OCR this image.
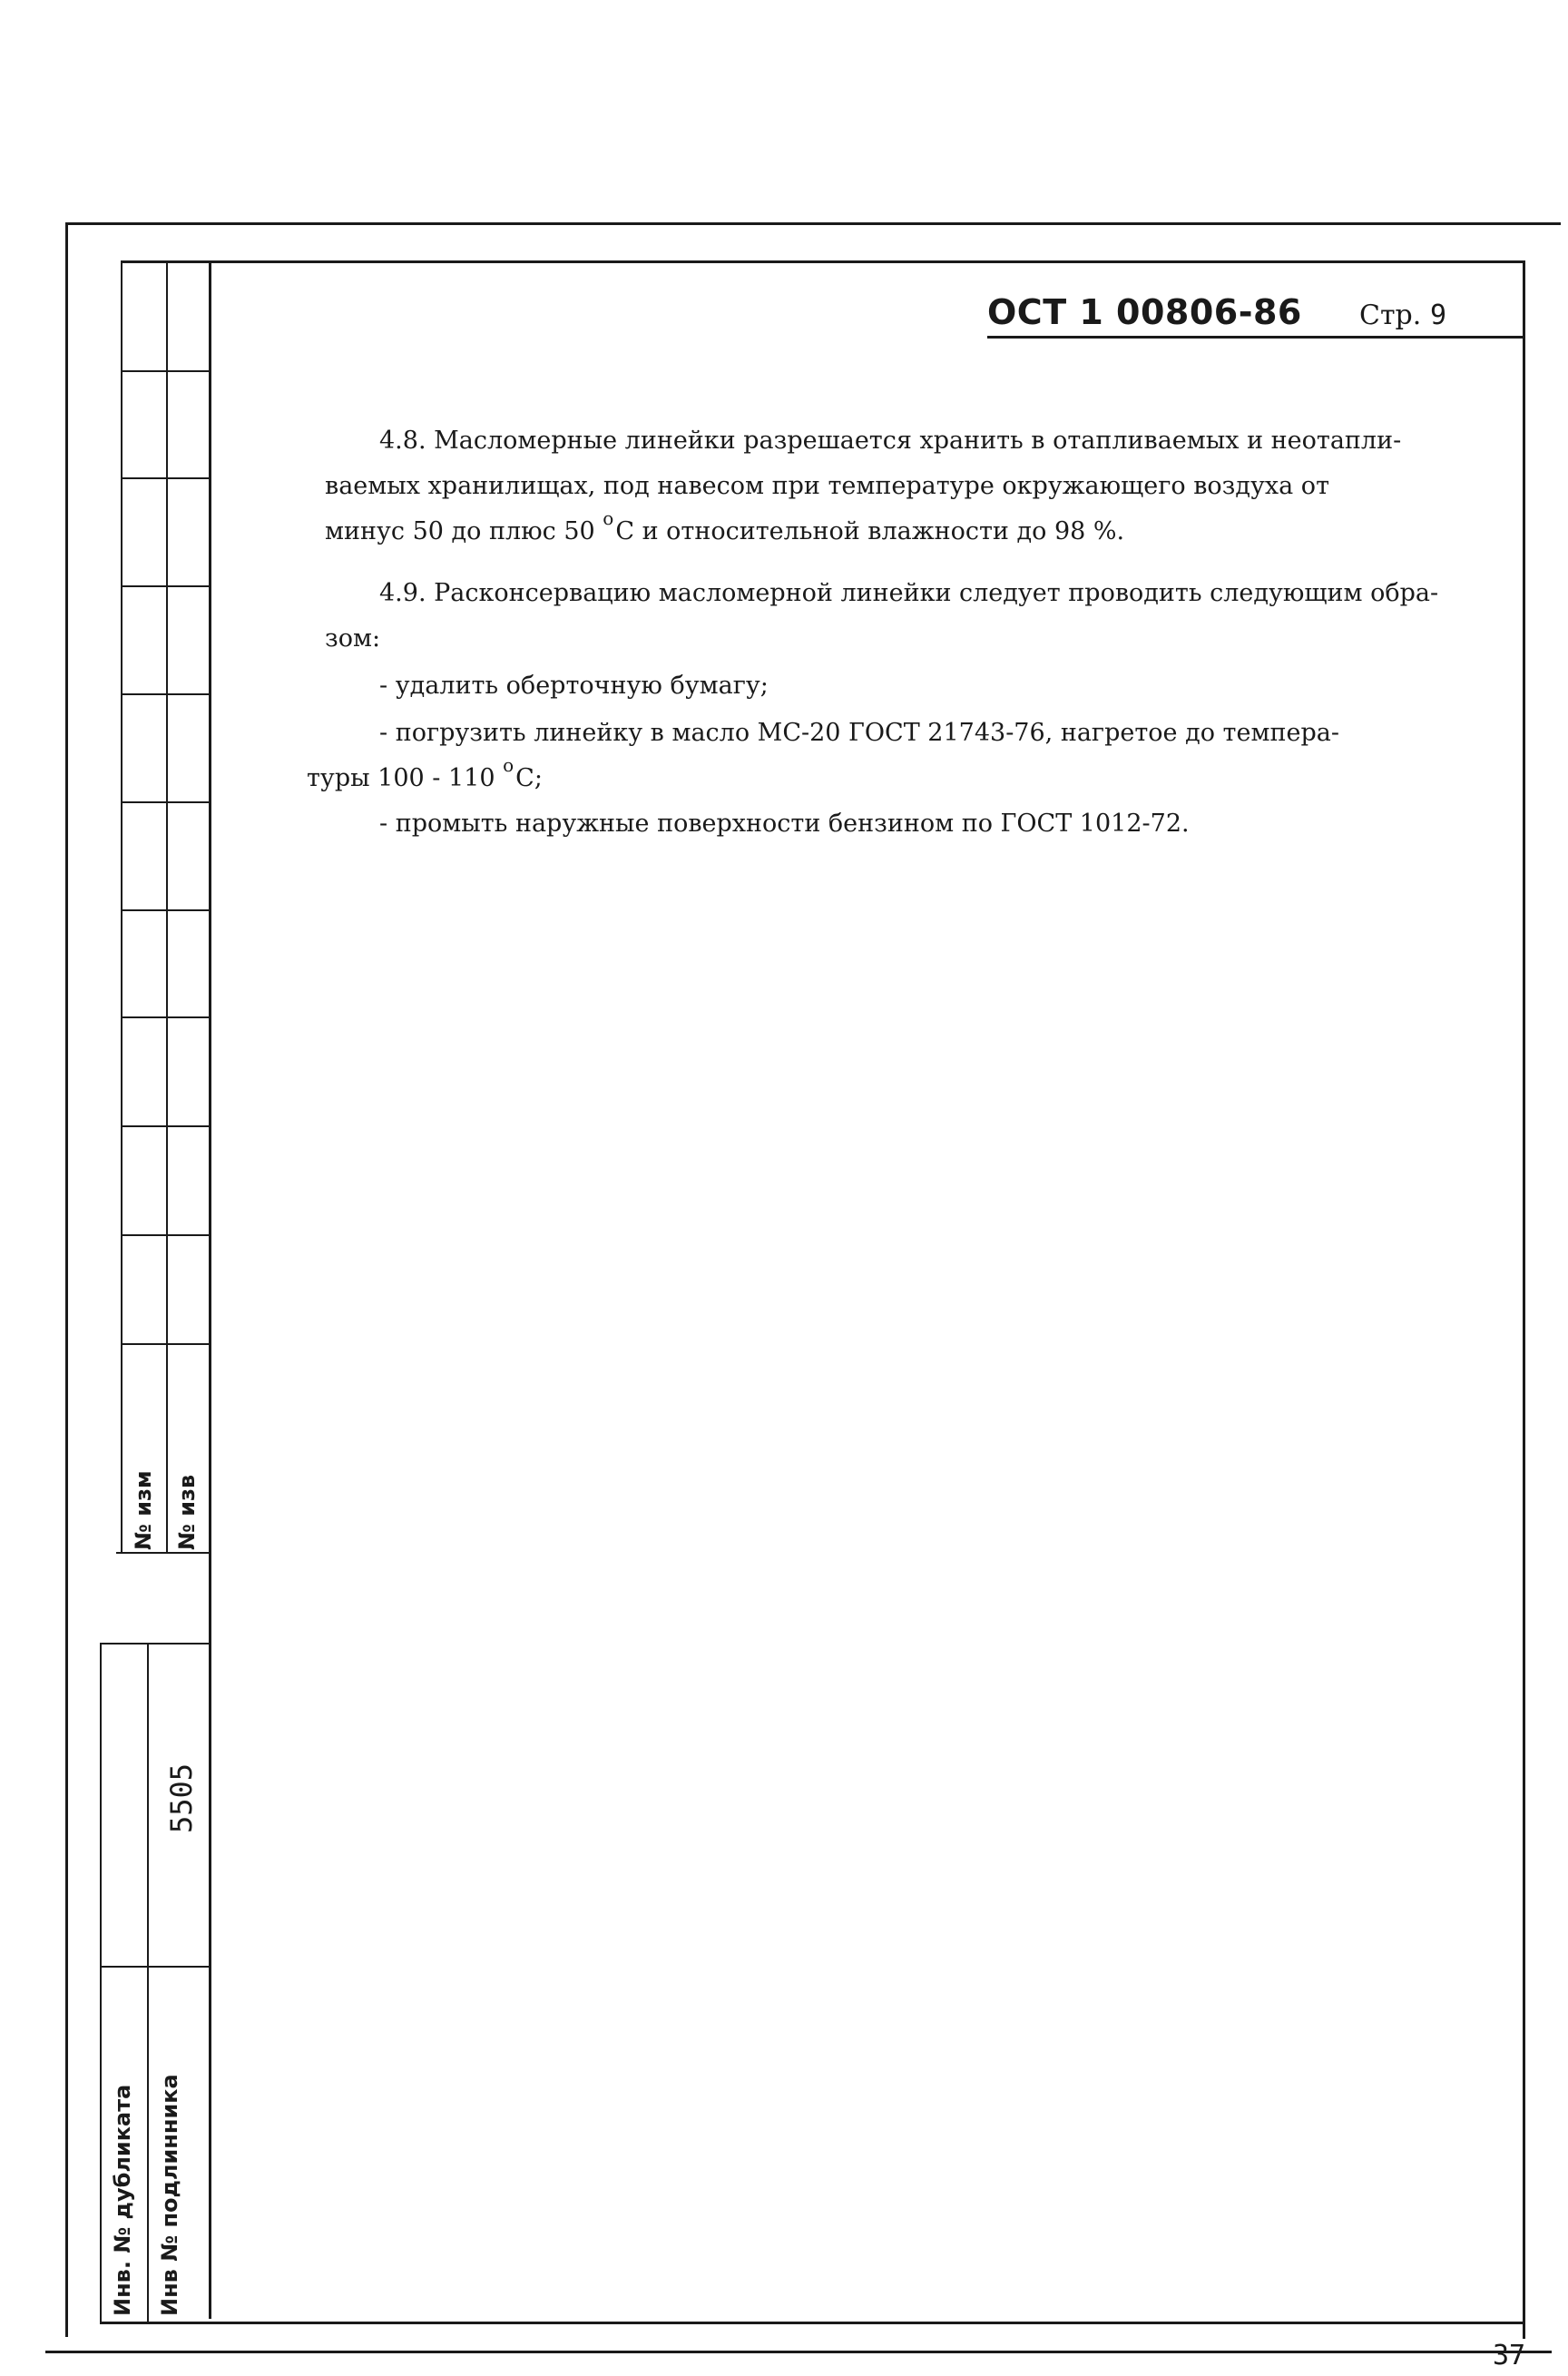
№ изм № изв
5505
Инв. № дубликата Инв № подлинника
ОСТ 1 00806-86 Стр. 9
4.8. Масломерные линейки разрешается хранить в отапливаемых и неотапли-
ваемых хранилищах, под навесом при температуре окружающего воздуха от
минус 50 до плюс 50 $^о$С и относительной влажности до 98 %.
4.9. Расконсервацию масломерной линейки следует проводить следующим обра-
зом:
- удалить оберточную бумагу;
- погрузить линейку в масло МС-20 ГОСТ 21743-76, нагретое до темпера-
туры 100 - 110 $^о$С;
- промыть наружные поверхности бензином по ГОСТ 1012-72.
37
